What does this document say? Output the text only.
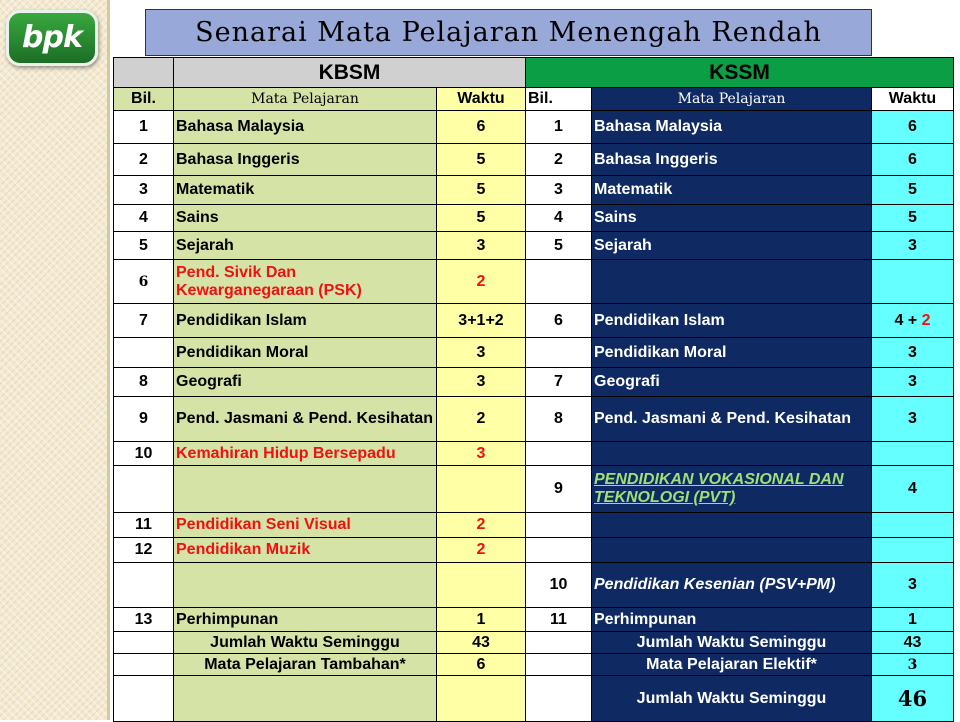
bpk	Senarai Mata Pelajaran Menengah Rendah
	KBSM		KSSM		
Bil.	Mata Pelajaran	Waktu	Bil.	Mata Pelajaran	Waktu
1	Bahasa Malaysia	6	1	Bahasa Malaysia	6
2	Bahasa Inggeris	5	2	Bahasa Inggeris	6
3	Matematik	5	3	Matematik	5
4	Sains	5	4	Sains	5
5	Sejarah	3	5	Sejarah	3
6	Pend. Sivik Dan Kewarganegaraan (PSK)	2			
7	Pendidikan Islam	3+1+2	6	Pendidikan Islam	4 + 2
	Pendidikan Moral	3		Pendidikan Moral	3
8	Geografi	3	7	Geografi	3
9	Pend. Jasmani & Pend. Kesihatan	2	8	Pend. Jasmani & Pend. Kesihatan	3
10	Kemahiran Hidup Bersepadu	3			
			9	PENDIDIKAN VOKASIONAL DAN TEKNOLOGI (PVT)	4
11	Pendidikan Seni Visual	2			
12	Pendidikan Muzik	2			
			10	Pendidikan Kesenian (PSV+PM)	3
13	Perhimpunan	1	11	Perhimpunan	1
	Jumlah Waktu Seminggu	43		Jumlah Waktu Seminggu	43
	Mata Pelajaran Tambahan*	6		Mata Pelajaran Elektif*	3
				Jumlah Waktu Seminggu	46
